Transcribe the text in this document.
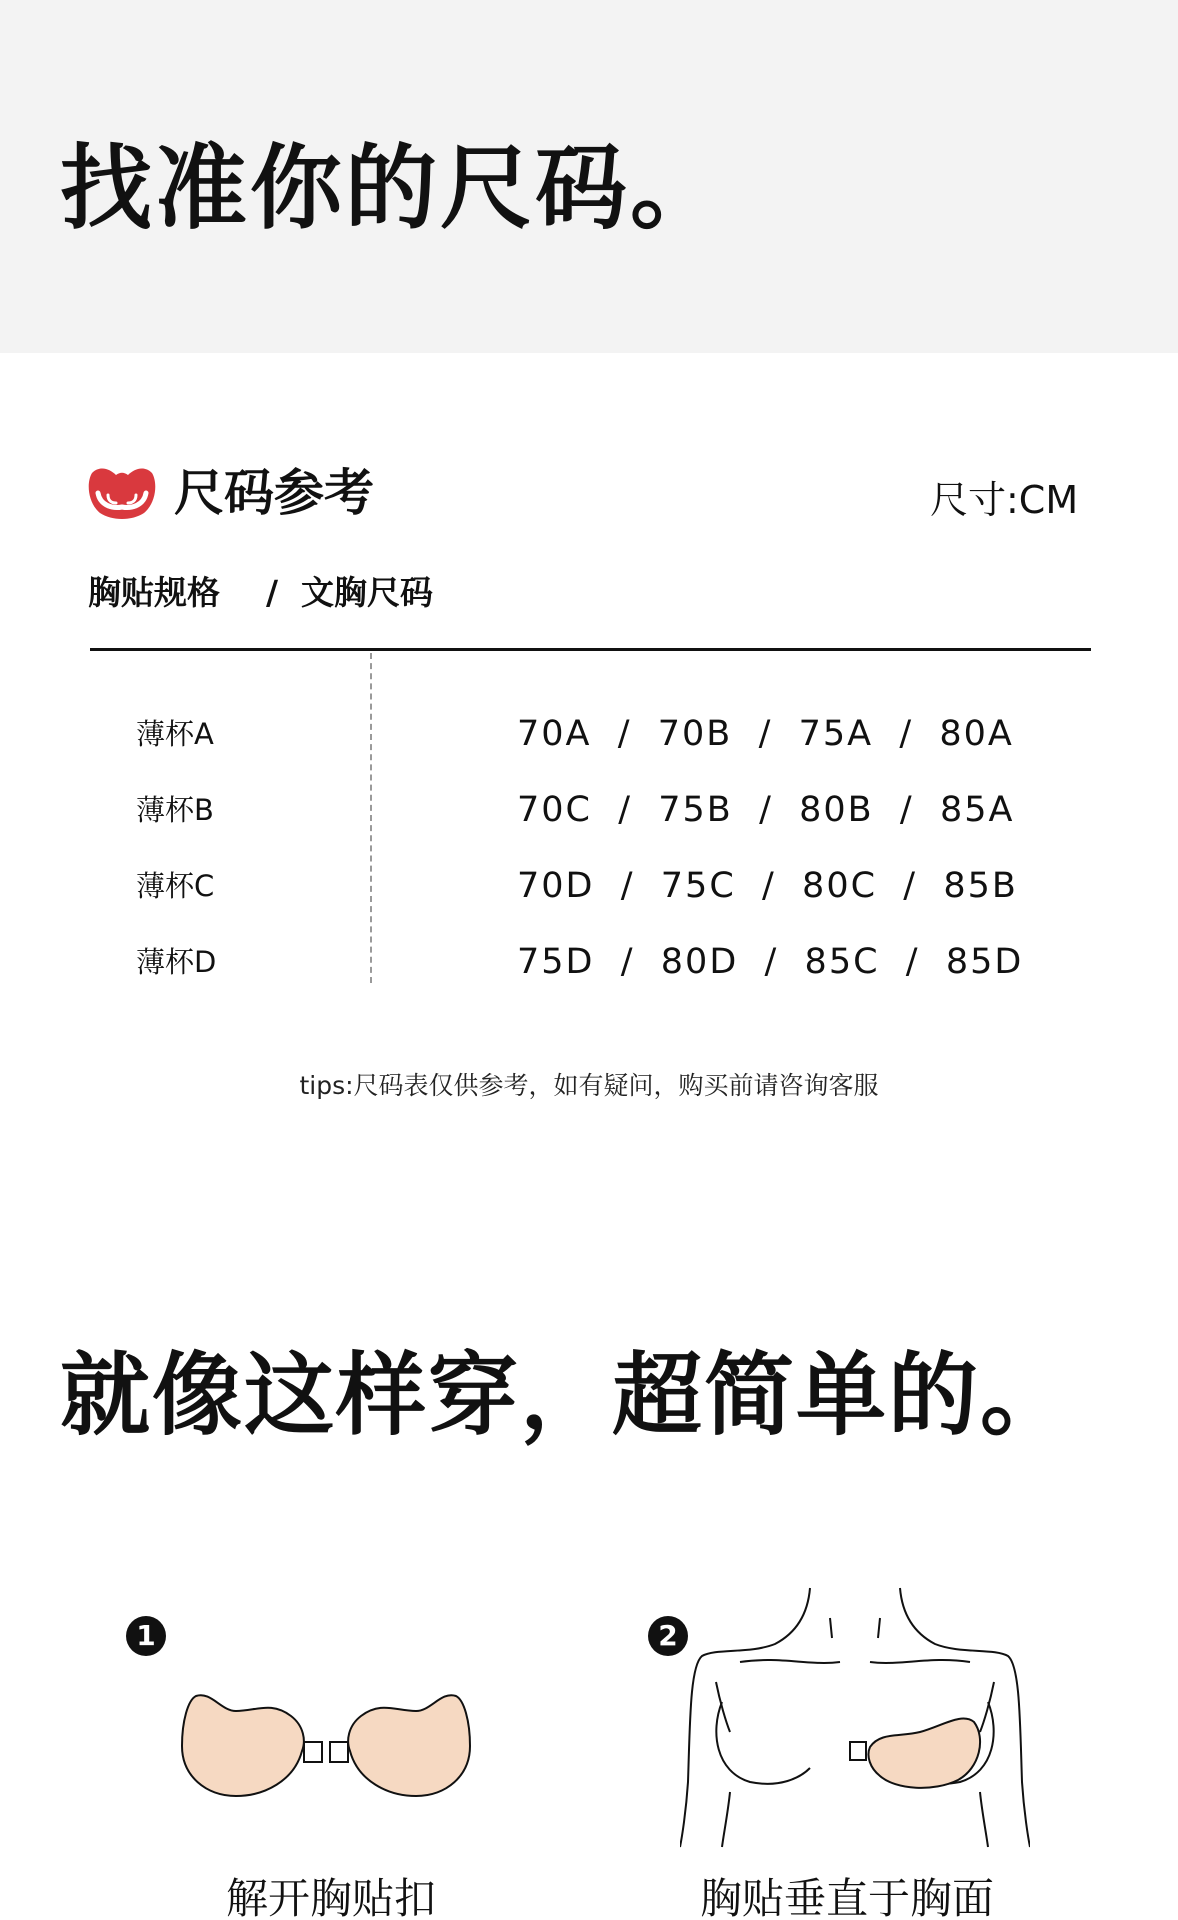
找准你的尺码。
尺码参考	尺寸:CM
胸贴规格    /  文胸尺码
薄杯A	70A  /  70B  /  75A  /  80A
薄杯B	70C  /  75B  /  80B  /  85A
薄杯C	70D  /  75C  /  80C  /  85B
薄杯D	75D  /  80D  /  85C  /  85D
tips:尺码表仅供参考，如有疑问，购买前请咨询客服
就像这样穿，超简单的。
1
解开胸贴扣
2
胸贴垂直于胸面
